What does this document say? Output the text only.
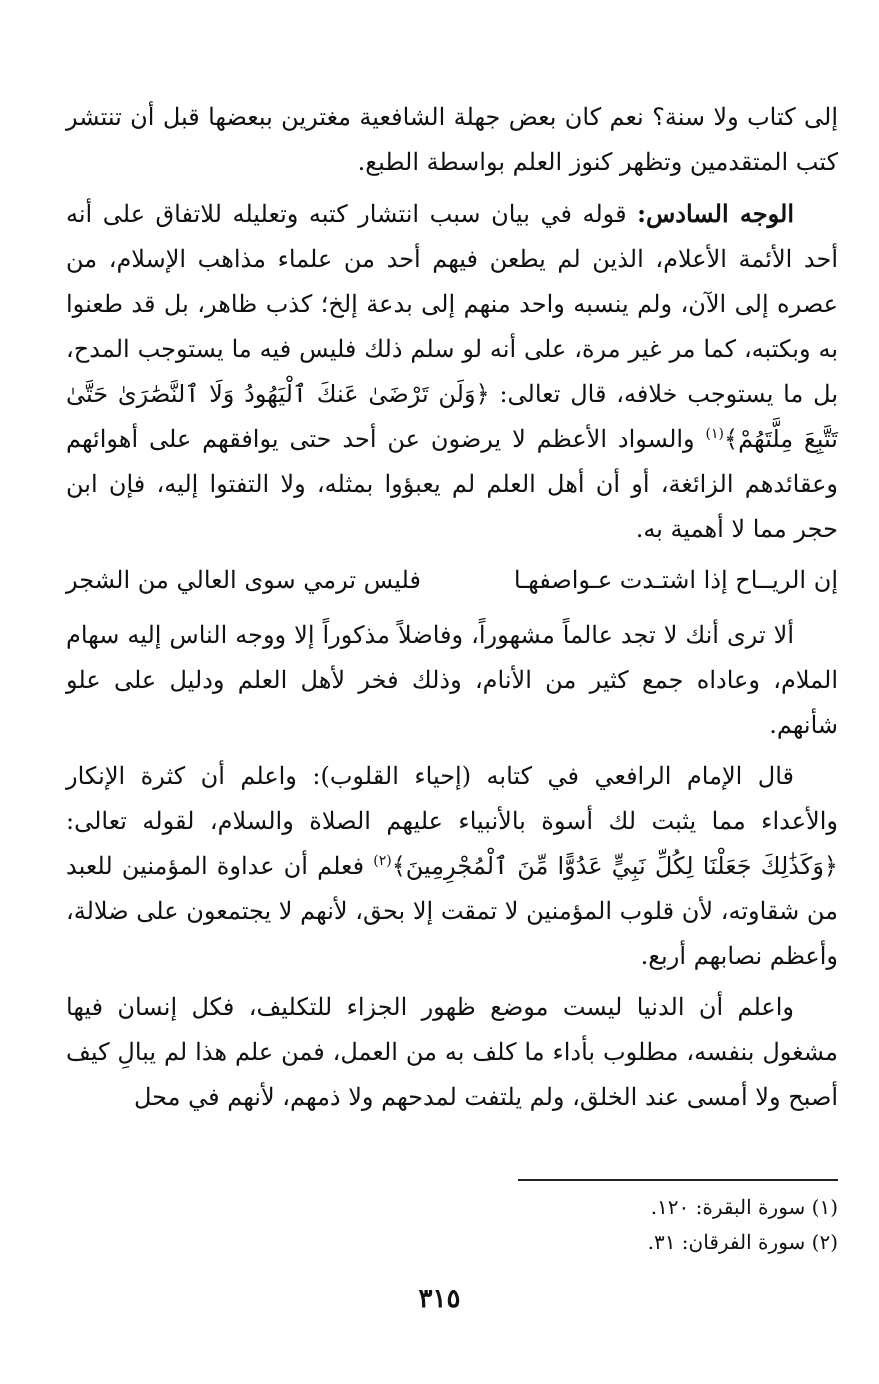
إلى كتاب ولا سنة؟ نعم كان بعض جهلة الشافعية مغترين ببعضها قبل أن تنتشر كتب المتقدمين وتظهر كنوز العلم بواسطة الطبع.

الوجه السادس: قوله في بيان سبب انتشار كتبه وتعليله للاتفاق على أنه أحد الأئمة الأعلام، الذين لم يطعن فيهم أحد من علماء مذاهب الإسلام، من عصره إلى الآن، ولم ينسبه واحد منهم إلى بدعة إلخ؛ كذب ظاهر، بل قد طعنوا به وبكتبه، كما مر غير مرة، على أنه لو سلم ذلك فليس فيه ما يستوجب المدح، بل ما يستوجب خلافه، قال تعالى: ﴿وَلَن تَرْضَىٰ عَنكَ ٱلْيَهُودُ وَلَا ٱلنَّصَٰرَىٰ حَتَّىٰ تَتَّبِعَ مِلَّتَهُمْ﴾$^{(١)}$ والسواد الأعظم لا يرضون عن أحد حتى يوافقهم على أهوائهم وعقائدهم الزائغة، أو أن أهل العلم لم يعبؤوا بمثله، ولا التفتوا إليه، فإن ابن حجر مما لا أهمية به.

إن الريــاح إذا اشتـدت عـواصفهـا
فليس ترمي سوى العالي من الشجر

ألا ترى أنك لا تجد عالماً مشهوراً، وفاضلاً مذكوراً إلا ووجه الناس إليه سهام الملام، وعاداه جمع كثير من الأنام، وذلك فخر لأهل العلم ودليل على علو شأنهم.

قال الإمام الرافعي في كتابه (إحياء القلوب): واعلم أن كثرة الإنكار والأعداء مما يثبت لك أسوة بالأنبياء عليهم الصلاة والسلام، لقوله تعالى: ﴿وَكَذَٰلِكَ جَعَلْنَا لِكُلِّ نَبِيٍّ عَدُوًّا مِّنَ ٱلْمُجْرِمِينَ﴾$^{(٢)}$ فعلم أن عداوة المؤمنين للعبد من شقاوته، لأن قلوب المؤمنين لا تمقت إلا بحق، لأنهم لا يجتمعون على ضلالة، وأعظم نصابهم أربع.

واعلم أن الدنيا ليست موضع ظهور الجزاء للتكليف، فكل إنسان فيها مشغول بنفسه، مطلوب بأداء ما كلف به من العمل، فمن علم هذا لم يبالِ كيف أصبح ولا أمسى عند الخلق، ولم يلتفت لمدحهم ولا ذمهم، لأنهم في محل

(١) سورة البقرة: ١٢٠.
(٢) سورة الفرقان: ٣١.
٣١٥
